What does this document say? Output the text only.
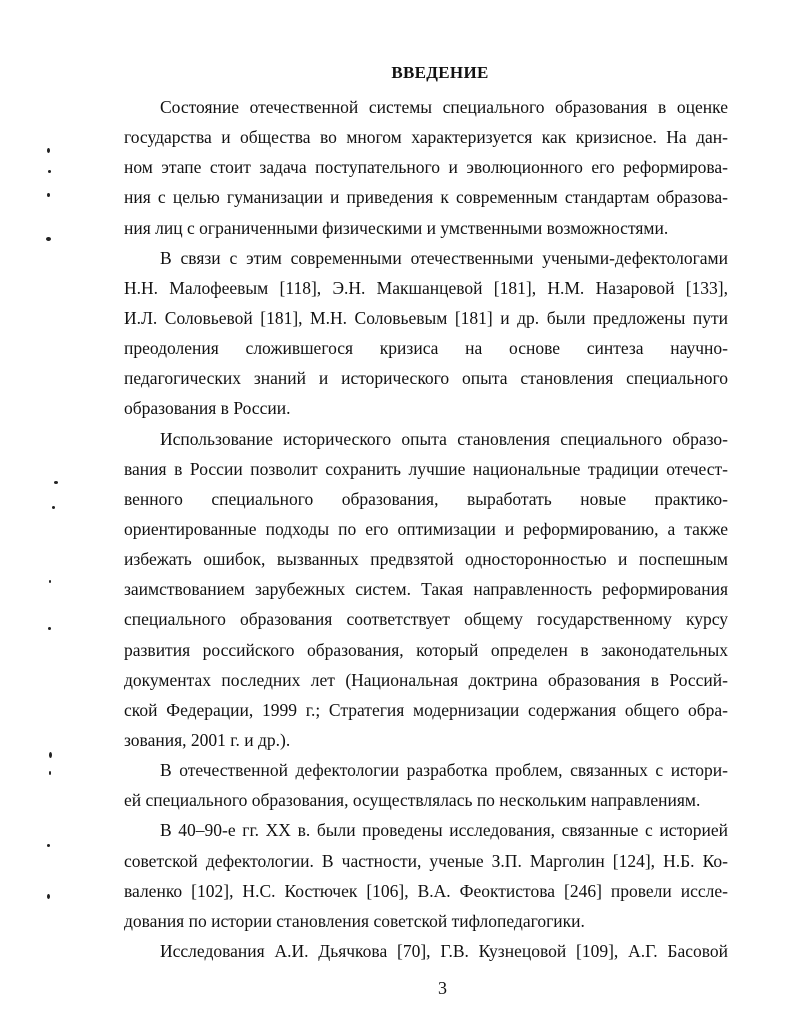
ВВЕДЕНИЕ
Состояние отечественной системы специального образования в оценке
государства и общества во многом характеризуется как кризисное. На дан-
ном этапе стоит задача поступательного и эволюционного его реформирова-
ния с целью гуманизации и приведения к современным стандартам образова-
ния лиц с ограниченными физическими и умственными возможностями.
В связи с этим современными отечественными учеными-дефектологами
Н.Н. Малофеевым [118], Э.Н. Макшанцевой [181], Н.М. Назаровой [133],
И.Л. Соловьевой [181], М.Н. Соловьевым [181] и др. были предложены пути
преодоления сложившегося кризиса на основе синтеза научно-
педагогических знаний и исторического опыта становления специального
образования в России.
Использование исторического опыта становления специального образо-
вания в России позволит сохранить лучшие национальные традиции отечест-
венного специального образования, выработать новые практико-
ориентированные подходы по его оптимизации и реформированию, а также
избежать ошибок, вызванных предвзятой односторонностью и поспешным
заимствованием зарубежных систем. Такая направленность реформирования
специального образования соответствует общему государственному курсу
развития российского образования, который определен в законодательных
документах последних лет (Национальная доктрина образования в Россий-
ской Федерации, 1999 г.; Стратегия модернизации содержания общего обра-
зования, 2001 г. и др.).
В отечественной дефектологии разработка проблем, связанных с истори-
ей специального образования, осуществлялась по нескольким направлениям.
В 40–90-е гг. XX в. были проведены исследования, связанные с историей
советской дефектологии. В частности, ученые З.П. Марголин [124], Н.Б. Ко-
валенко [102], Н.С. Костючек [106], В.А. Феоктистова [246] провели иссле-
дования по истории становления советской тифлопедагогики.
Исследования А.И. Дьячкова [70], Г.В. Кузнецовой [109], А.Г. Басовой
3
